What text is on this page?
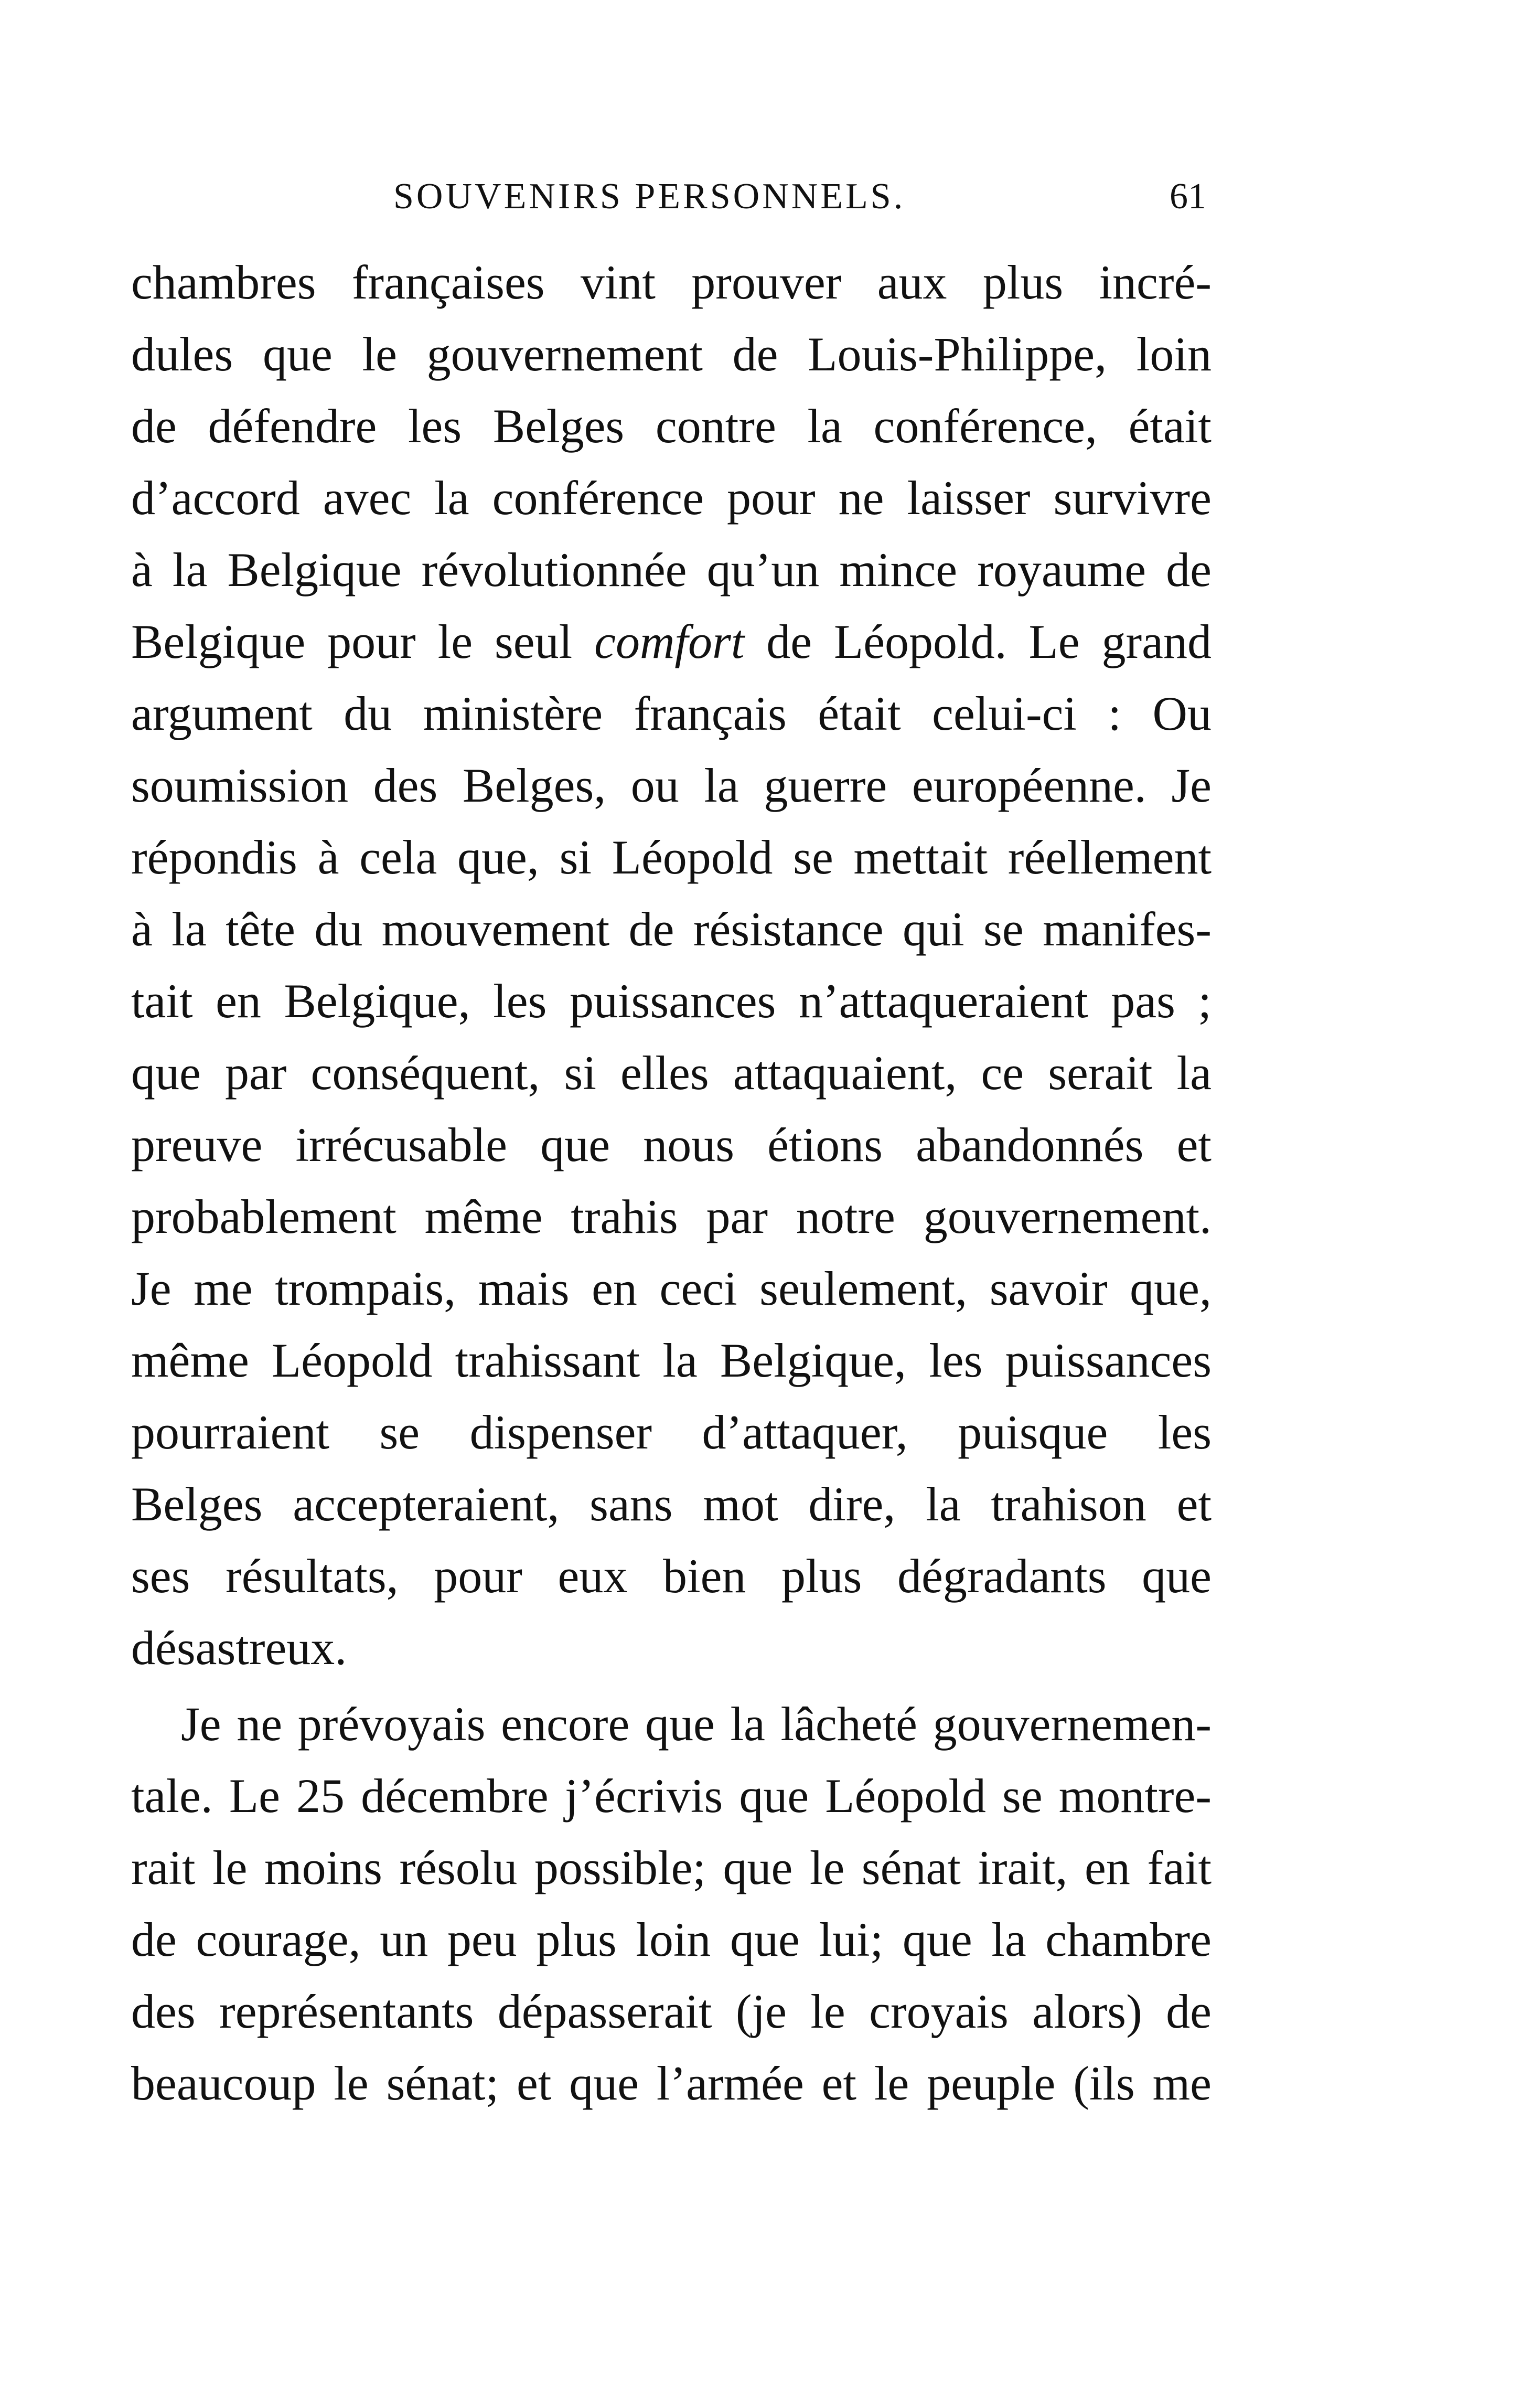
SOUVENIRS PERSONNELS.	61
chambres françaises vint prouver aux plus incré-
dules que le gouvernement de Louis-Philippe, loin
de défendre les Belges contre la conférence, était
d’accord avec la conférence pour ne laisser survivre
à la Belgique révolutionnée qu’un mince royaume de
Belgique pour le seul comfort de Léopold. Le grand
argument du ministère français était celui-ci : Ou
soumission des Belges, ou la guerre européenne. Je
répondis à cela que, si Léopold se mettait réellement
à la tête du mouvement de résistance qui se manifes-
tait en Belgique, les puissances n’attaqueraient pas ;
que par conséquent, si elles attaquaient, ce serait la
preuve irrécusable que nous étions abandonnés et
probablement même trahis par notre gouvernement.
Je me trompais, mais en ceci seulement, savoir que,
même Léopold trahissant la Belgique, les puissances
pourraient se dispenser d’attaquer, puisque les
Belges accepteraient, sans mot dire, la trahison et
ses résultats, pour eux bien plus dégradants que
désastreux.
Je ne prévoyais encore que la lâcheté gouvernemen-
tale. Le 25 décembre j’écrivis que Léopold se montre-
rait le moins résolu possible; que le sénat irait, en fait
de courage, un peu plus loin que lui; que la chambre
des représentants dépasserait (je le croyais alors) de
beaucoup le sénat; et que l’armée et le peuple (ils me
